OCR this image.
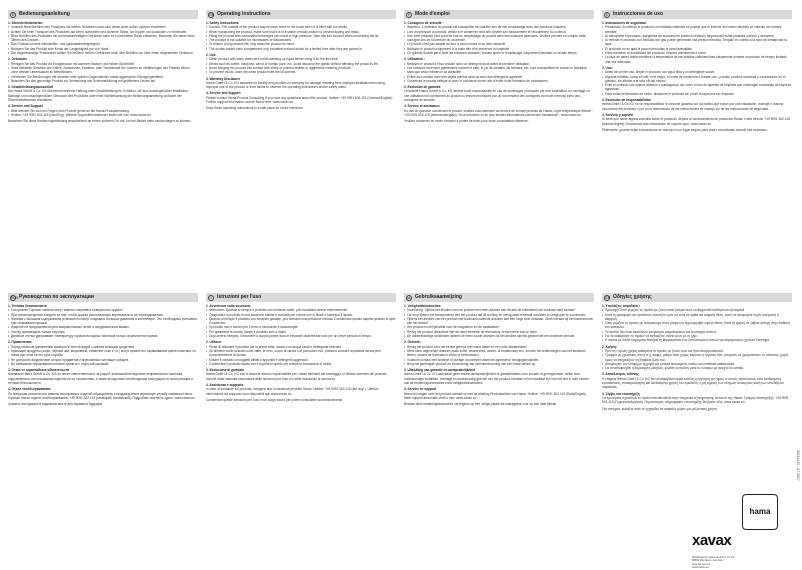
D Bedienungsanleitung

1. Sicherheitshinweise:

• Vorsicht! Beim Befüllen des Produktes mit heißen Getränken kann sich dieser auch außen spürbar erwärmen!
• Achten Sie beim Transport des Produktes auf einen aufrechten und sicheren Stand, um Kippen und Auslaufen zu vermeiden.
• Beim Befüllen des Produktes mit kohlensäurehaltigen Getränken kann es zu erhöhtem Druck entstehen. Beachten Sie daher beim Öffnen des Deckels.
• Das Produkt ist nicht mikrowellen- und spülmaschinengeeignet
• Reinigen Sie das Produkt zum Erhalt der Langlebigkeit nur von Hand
• Der doppelwandige Trinkbecher sollten Sie heißem/ heißen Getränken nach dem Befüllen nur über einen eingesetzten Zentraum.

2. Gebrauch:

• Reinigen Sie das Produkt vor Erstgebrauch mit warmem Wasser und milden Spülmittel!
• Stark färbende Getränke wie Kaffee, Schwarztee, Karotten- oder Tomatensaft etc. können zu Verfärbungen des Plastiks führen, ohne dessen Lebensdauer zu beeinflussen.
• Vermeiden Sie Berührungen mit scharfen oder spitzen Gegenständen sowie aggressiven Reinigungsmitteln.
• Beachten Sie das gerundige Produkt zur Vermeidung von Schimmelbildung mit geöffnetem Deckel auf.

3. Gewährleistungsausschluß

Die Hama GmbH & Co. KG übernimmt keinerlei Haftung oder Gewährleistung für Schäden, die aus unsachgemäßer Installation, Montage und unsachgemäßem Gebrauch des Produktes oder einer Nichtbeachtung der Bedienungsanleitung und/oder der Sicherheitshinweise resultieren.

4. Service und Support

• Bitte wenden Sie sich bei Fragen zum Produkt gerne an die Hama-Produktberatung.
• Hotline: +49 9091 502-115 (Deu/Eng). Weitere Supportinformationen finden sie hier: www.xavax.eu

Bewahren Sie diese Bedienungsanleitung anschließend an einem sicheren Ort auf, um bei Bedarf darin nachschlagen zu können.

GB Operating instructions

1. Safety Instructions:

• Caution: The outside of the product may become warm to the touch when it is filled with hot drinks.
• When transporting the product, make sure that it is in a stable vertical position to prevent tipping and leaks.
• Filling the product with carbonated beverages can result in high pressure. Take this into account when uncovering the lid.
• The product is not suitable for microwaves or dishwashers.
• To ensure a long service life, only clean the product by hand.
• The double-walled drink compartment only insulates hot/cold drinks for a limited time after they are poured in.

2. Use:

• Clean product with warm water and a mild washing-up liquid before using it for the first time.
• Drinks such as coffee, black tea, carrot or tomato juice, etc. could discolour the plastic without affecting the product's life.
• Avoid bringing the product into contact with sharp or pointed objects or aggressive cleaning products.
• To prevent mould, store the clean product with the lid opened.

3. Warranty Disclaimer

Hama GmbH & Co. KG assumes no liability and provides no warranty for damage resulting from improper installation/mounting, improper use of the product or from failure to observe the operating instructions and/or safety notes.

4. Service and Support

Please contact Hama Product Consulting if you have any questions about this product. Hotline: +49 9091 502-115 (German/English). Further support information can be found here: www.xavax.eu

Keep these operating instructions in a safe place for future reference.

F Mode d'emploi

1. Consignes de sécurité :

• Attention : L'extérieur du produit est susceptible de chauffer lors de son remplissage avec des boissons chaudes.
• Lors du transport du produit, veillez à le conserver droit afin d'éviter son basculement et l'écoulement du contenu.
• Une forte pression peut survenir lors du remplissage du produit avec des boissons gazeuses. Veuillez prendre en compte cette consigne lors de l'ouverture du couvercle.
• Le produit n'est pas adapté au four à micro-ondes et au lave-vaisselle
• Nettoyez le produit uniquement à la main afin d'en préserver la longévité
• Ce gobelet double paroi isole les boissons chaudes / froides après le remplissage uniquement pendant un certain temps.

2. Utilisation :

• Nettoyez le produit à l'eau chaude avec un détergent doux avant la première utilisation.
• Les boissons fortement pigmentées comme le café, le jus de carottes, de tomates, etc. sont susceptibles de colorer le plastique, sans que cela n'influence sa durabilité.
• Évitez tout contact avec des objets pointus ainsi qu'avec des détergents agressifs
• Conservez le produit nettoyé et avec le couvercle ouvert afin d'éviter toute formation de moisissures.

3. Exclusion de garantie

La société Hama GmbH & Co. KG décline toute responsabilité en cas de dommages provoqués par une installation, un montage ou une utilisation non conformes du produit ou encore provoqués par un non respect des consignes du mode d'emploi et/ou des consignes de sécurité.

4. Service et assistance

En cas de question concernant le produit, veuillez vous adresser au service de conseil produits de Hama. Ligne téléphonique directe : +49 9091 502-115 (allemand/anglais). Vous trouverez ici de plus amples informations concernant l'assistance : www.xavax.eu

Veuillez conserver ce mode d'emploi à portée de main pour toute consultation ultérieure.

E Instrucciones de uso

1. Indicaciones de seguridad:

• Precaución: Al rellenar el producto con bebidas calientes es posible que el exterior del mismo también se caliente de manera sensible.
• Al transportar el producto, asegúrese de colocarlo en posición vertical y segura para evitar posibles vuelcos y derrames.
• Al rellenar el producto con bebidas con gas puede generarse una presión elevada. Téngalo en cuenta a la hora de destaponar la tapa.
• El producto no es apto ni para microondas ni para lavavajillas
• Para mantener la durabilidad del producto, límpielo únicamente a mano
• La taza de pared doble mantiene la temperatura de las bebidas calientes/frías únicamente durante un periodo de tiempo limitado una vez rellenada.

2. Uso:

• Antes del primer uso, limpie el producto con agua tibia y un detergente suave.
• Algunas bebidas, como el café, el té negro, el zumo de zanahoria o tomate, etc., pueden producir manchas y coloraciones en el plástico, sin afectar a la vida útil del mismo.
• Evite el contacto con objetos afilados o puntiagudos, así como el uso de agentes de limpieza que contengan sustancias de limpieza agresivas.
• Para evitar la formación de moho, almacene el producto sin poner la tapa una vez limpiado.

3. Exclusión de responsabilidad

Hama GmbH & Co KG no se responsabiliza ni concede garantía por los daños que surjan por una instalación, montaje o manejo incorrectos del producto o por la no observación de las instrucciones de manejo y/o de las instrucciones de seguridad.

4. Servicio y soporte

Si tiene que hacer alguna consulta sobre el producto, diríjase al asesoramiento de productos Hama. Línea directa: +49 9091 502-115 (Alemán/Inglés). Encontrará más información de soporte aquí: www.xavax.eu

Finalmente, guarde estas instrucciones de manejo en un lugar seguro para poder consultarlas cuando sea necesario.

RUS Руководство по эксплуатации

1. Техника безопасности

• Осторожно! Горячие напитки могут заметно нагревать поверхность кружки!
• При транспортировке следите за тем, чтобы кружка располагалась вертикально и не опрокидывалась.
• Напитки с большим содержанием углекислоты могут создавать большое давление в контейнере. Это необходимо учитывать при открывании крышки.
• Изделие не предназначено для микроволновых печей и посудомоечных машин.
• Чистку производить только вручную.
• Двойные стенки удерживают температуру горячих/холодных напитков только ограниченное время.

2. Применение:

• Перед началом применения промыть в теплой водой с мягким моющим средством.
• Красящие продукты (кофе, черный чай, морковный, томатные соки и т.п.) могут привести к окрашиванию цвета пластика, но никак при этом не его срок службы.
• Не допускать воздействие острых предметов и агрессивных чистящих средств.
• Во избежание образования плесени хранить с открытой крышкой.

3. Отказ от гарантийных обязательств

Компания Hama GmbH & Co. KG не несет ответственность за ущерб, возникший вследствие неправильного монтажа, подключения и использования изделия не по назначению, а также вследствие несоблюдения инструкции по эксплуатации и техники безопасности.

4. Отдел техобслуживания

По вопросам ремонта или замены неисправных изделий обращайтесь к продавцу или в сервисную службу компании Hama. Горячая линия отдела техобслуживания: +49 9091 502-115 (немецкий, английский). Подробнее смотрите здесь: www.xavax.eu

Хранить инструкцию в надежном месте для справок в будущем.

I	Istruzioni per l'uso

1. Avvertenze sulla sicurezza:

• Attenzione: Quando si riempie il prodotto con bevande calde, può riscaldarsi anche esternamente!
• Trasportare il prodotto in una posizione stabile e verticale per evitare che si ribalti o fuoriesca il liquido.
• Quando si riempie il prodotto con bevande gassate, può formarsi una pressione elevata. Considerare questo aspetto quando si apre il coperchio.
• Il prodotto non è idoneo per il forno a microonde e lavastoviglie
• Per garantirne la durata, lavare il prodotto solo a mano
• Dopo averlo riempito, il bicchiere a doppia parete isola le bevande calde/fredde solo per un breve periodo di tempo.

2. Utilizzo:

• Prima di utilizzare il prodotto per la prima volta, lavarlo con acqua calda e detergente delicato!
• Gli alimenti molto colorati come caffè, tè nero, succo di carota o di pomodoro ecc. possono colorare la plastica senza però comprometterne la durata.
• Evitare il contatto con oggetti affilati o appuntiti e detergenti aggressivi.
• Conservare il prodotto lavato con il coperchio aperto per evitare la formazione di muffa.

3. Esclusione di garanzia

Hama GmbH & Co. KG non si assume alcuna responsabilità per i danni derivanti dal montaggio o l'utilizzo scorretto del prodotto, nonché dalla mancata osservanza delle istruzioni per l'uso e/o delle indicazioni di sicurezza.

4. Assistenza e supporto

In caso di domande sul prodotto, rivolgersi alla Consulenza prodotto Hama. Hotline: +49 9091 502-115 (ted./ingl.). Ulteriori informazioni sul supporto sono disponibili qui: www.xavax.eu

Conservare queste istruzioni per l'uso in un luogo sicuro per potere consultarle successivamente.

NL Gebruiksaanwijzing

1. Veiligheidsinstructies:

• Voorzichtig: Tijdens het afvullen van het product met hete dranken kan dit aan de buitenkant ook voelbaar heet worden!
• Let erop tijdens het transporteren van het product dat dit rechtop en stevig staat teneinde omvallen en leeglopen te voorkomen.
• Tijdens het afvullen van het product met koolzuurhoudende dranken kan een hoge druk ontstaan. Denk hieraan bij het losschroeven van het deksel.
• Het product is niet geschikt voor de magnetron en de vaatwasser
• Reinig het product uitsluitend met de hand teneinde de levensduur ervan niet te kort te doen
• De dubbelwandige drinkbeker isoleert de hete/ koude dranken na het afvullen slechts gedurende een beperkte periode.

2. Gebruik:

• Reinig het product vóór het eerste gebruik met warm water en een mild afwasmiddel!
• Sterk kleur afgevende dranken zoals koffie, zwarte thee, wortel- of tomatensap enz. kunnen tot verkleuringen van het kunststof leiden, zonder de levensduur ervan te beïnvloeden.
• Voorkom contact met scherpe of puntige voorwerpen alsmede agressieve reinigingsmiddelen.
• Berg het gereinigde product ter voorkoming van schimmelvorming met een losse deksel op.

3. Uitsluiting van garantie en aansprakelijkheid

Hama GmbH & Co. KG aanvaardt geen enkele aansprakelijkheid of garantieclaims voor schade of gevolgschade, welke door ondeskundige installatie, montage en ondeskundig gebruik van het product ontstaan of het resultaat zijn van het niet in acht nemen van de bedieningsinstructies en/of veiligheidsinstructies.

4. Service en support

Neem bij vragen over het product contact op met de afdeling Productadvies van Hama. Hotline: +49 9091 502-115 (Duits/Engels). Meer support-informatie vindt u hier: www.xavax.eu

Bewaar deze bedieningsinstructies vervolgens op een veilige plaats als naslagwerk voor op een later tijdstip.

GR Οδηγίες χρήσης

1. Υποδείξεις ασφαλείας:

• Προσοχή! Όταν γεμίζετε το προϊόν με ζεστά ποτά μπορεί αυτό να θερμανθεί αισθητά και εξωτερικά!
• Κατά τη μεταφορά του προϊόντος προσέξτε ώστε να είναι σε όρθια και ασφαλή θέση, ώστε να αποφύγετε τυχόν ανατροπή ή διαρροή.
• Όταν γεμίζετε το προϊόν με ανθρακούχα ποτά μπορεί να δημιουργηθεί υψηλή πίεση. Κατά τη χρήση να λάβετε υπόψη στην διάθεση του καπακιού.
• Το προϊόν δεν είναι κατάλληλο για φούρνο μικροκυμάτων και πλυντήριο πιάτων
• Για να καθαρίσετε το προϊόν να καθαρίζετε πάντα μόνο με το χέρι.
• Η κούπα με διπλά τοιχώματα διατηρεί τη θερμοκρασία των ζεστών/κρύων ποτών για περιορισμένο χρονικό διάστημα.

2. Χρήση:

• Πριν την πρώτη χρήση καθαρίστε το προϊόν με ζεστό νερό και ήπιο απορρυπαντικό!
• Τρόφιμα με χρωστικές όπως π.χ. καφές, μαύρο τσάι, χυμός καρότου ή τομάτας κλπ. μπορούν να χρωματίσουν το πλαστικό, χωρίς όμως να επηρεάζουν τη διάρκεια ζωής του.
• Αποφεύγετε την επαφή με αιχμηρά και μυτερά αντικείμενα, καθώς και επιθετικά καθαριστικά.
• Για να αποφευχθεί η δημιουργία μούχλας, φυλάτε το προϊόν μετά το πλύσιμο με ανοιχτό το καπάκι.

3. Αποκλεισμός ευθύνης

Η εταιρεία Hama GmbH & Co. KG δεν αναλαμβάνει καμία ευθύνη ή εγγύηση για ζημιές οι οποίες προκύπτουν από λανθασμένη εγκατάσταση, συναρμολόγηση και λανθασμένη χρήση του προϊόντος ή μη τήρηση των οδηγιών λειτουργίας και/ή των υποδείξεων ασφαλείας.

4. Σέρβις και υποστήριξη

Για ερωτήσεις σχετικά με το προϊόν απευθυνθείτε στην υπηρεσία εξυπηρέτησης πελατών της Hama. Γραμμή υποστήριξης: +49 9091 502-115 (Γερμανικά/Αγγλικά). Περισσότερες πληροφορίες υποστήριξης θα βρείτε εδώ: www.xavax.eu

Στη συνέχεια, φυλάξτε αυτό το εγχειρίδιο σε ασφαλές μέρος για μελλοντική χρήση.

hama
xavax
Distributed by Hama GmbH & Co KG
86652 Monheim / Germany
www.hama.com
www.xavax.eu
00111229 - 07.2017
